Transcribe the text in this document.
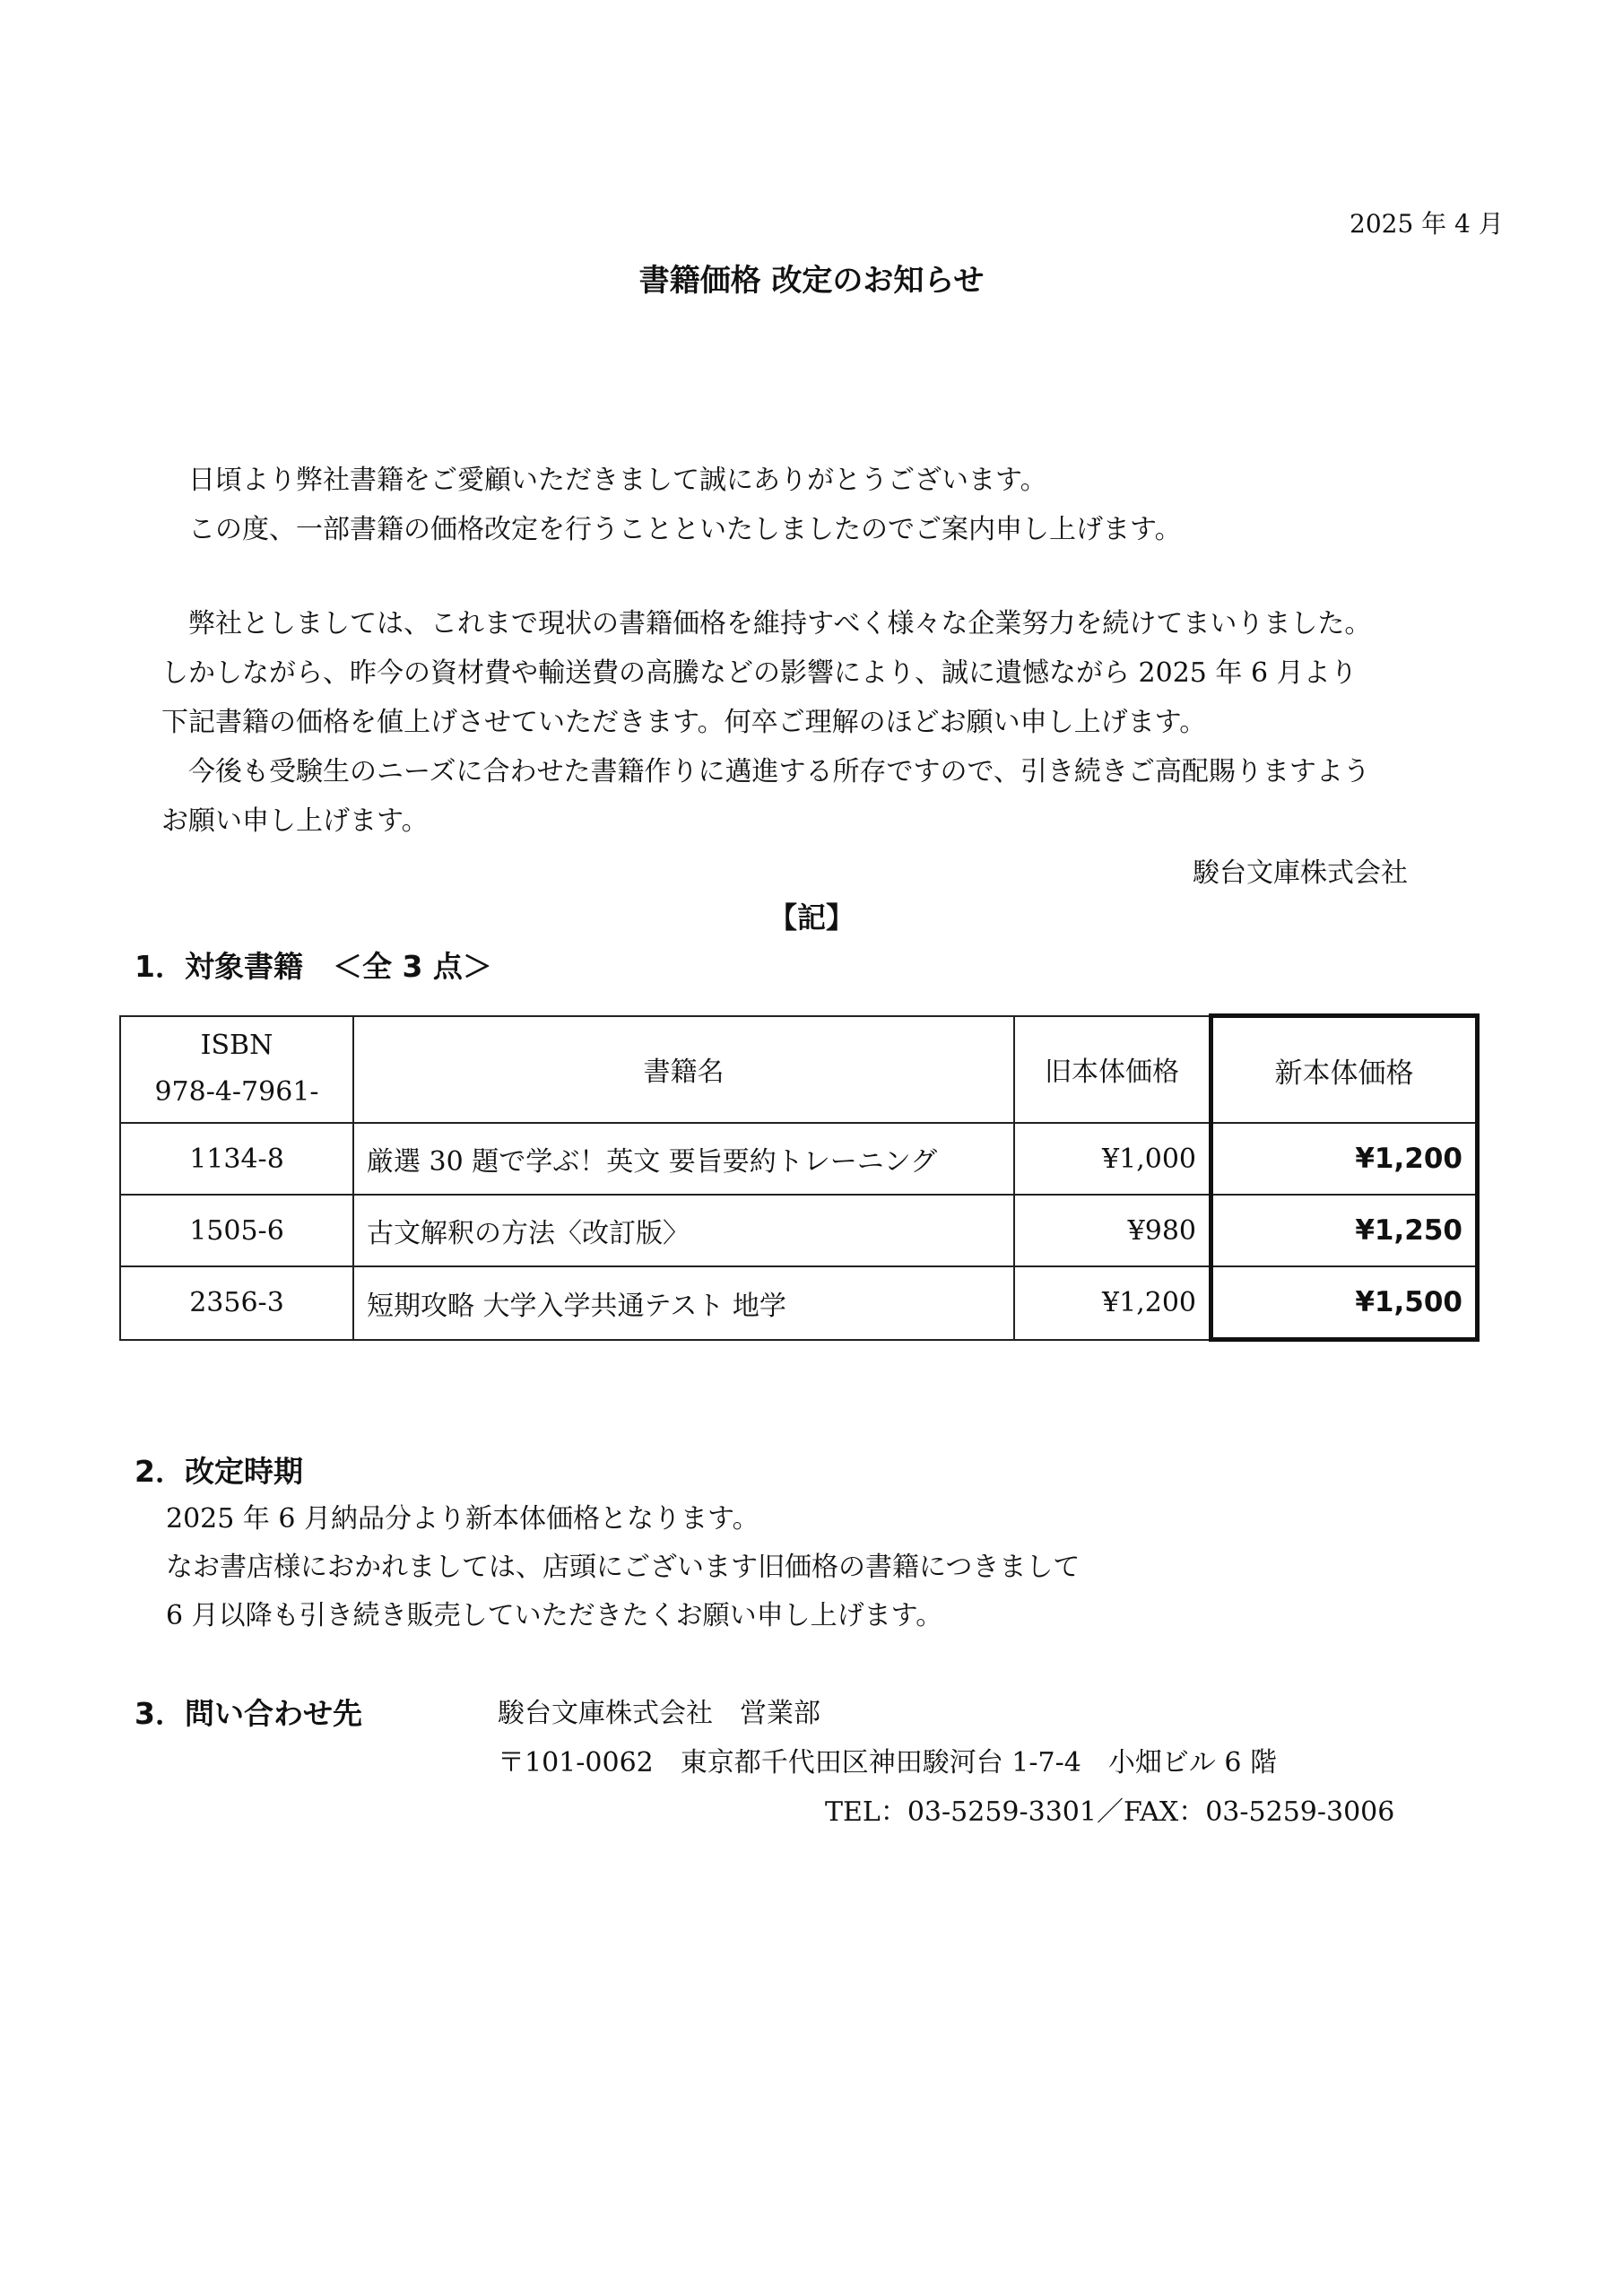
2025 年 4 月
書籍価格 改定のお知らせ
　日頃より弊社書籍をご愛顧いただきまして誠にありがとうございます。
　この度、一部書籍の価格改定を行うことといたしましたのでご案内申し上げます。
　弊社としましては、これまで現状の書籍価格を維持すべく様々な企業努力を続けてまいりました。
しかしながら、昨今の資材費や輸送費の高騰などの影響により、誠に遺憾ながら 2025 年 6 月より
下記書籍の価格を値上げさせていただきます。何卒ご理解のほどお願い申し上げます。
　今後も受験生のニーズに合わせた書籍作りに邁進する所存ですので、引き続きご高配賜りますよう
お願い申し上げます。
駿台文庫株式会社
【記】
1．対象書籍　＜全 3 点＞
ISBN
978-4-7961-	書籍名	旧本体価格	新本体価格
1134-8	厳選 30 題で学ぶ！英文 要旨要約トレーニング	¥1,000	¥1,200
1505-6	古文解釈の方法〈改訂版〉	¥980	¥1,250
2356-3	短期攻略 大学入学共通テスト 地学	¥1,200	¥1,500
2．改定時期
2025 年 6 月納品分より新本体価格となります。
なお書店様におかれましては、店頭にございます旧価格の書籍につきまして
6 月以降も引き続き販売していただきたくお願い申し上げます。
3．問い合わせ先	駿台文庫株式会社　営業部
〒101-0062　東京都千代田区神田駿河台 1-7-4　小畑ビル 6 階
TEL：03-5259-3301／FAX：03-5259-3006
